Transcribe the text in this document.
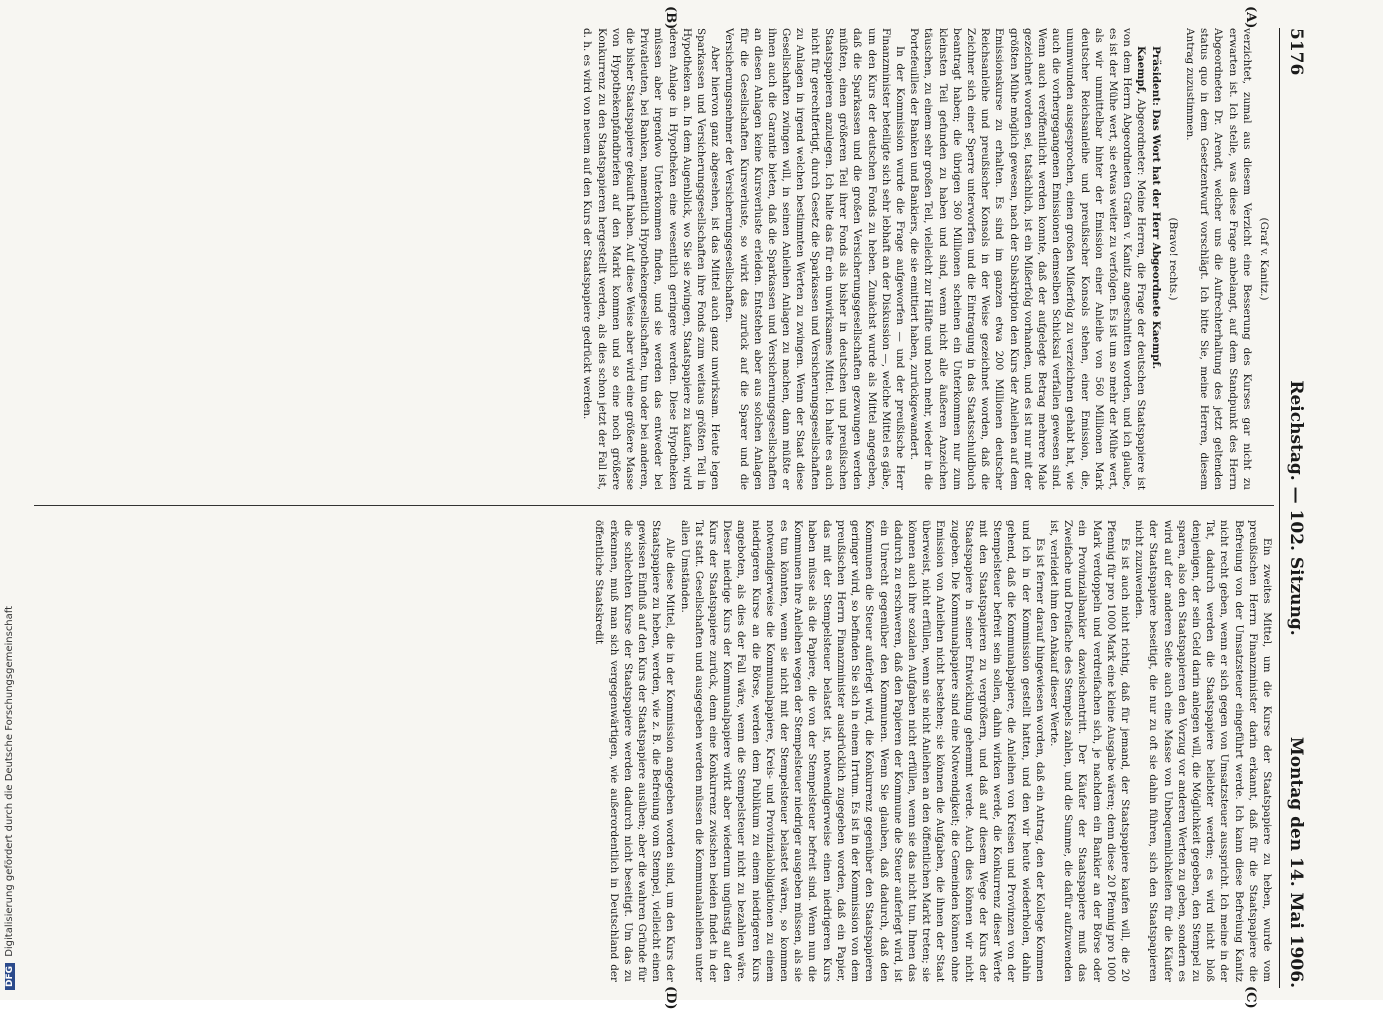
5176
Reichstag. — 102. Sitzung.
Montag den 14. Mai 1906.
(A)
(B)
(C)
(D)

(Graf v. Kanitz.)

verzichtet, zumal aus diesem Verzicht eine Besserung des Kurses gar nicht zu erwarten ist. Ich stelle, was diese Frage anbelangt, auf dem Standpunkt des Herrn Abgeordneten Dr. Arendt, welcher uns die Aufrechterhaltung des jetzt geltenden status quo in dem Gesetzentwurf vorschlägt. Ich bitte Sie, meine Herren, diesem Antrag zuzustimmen.

(Bravo! rechts.)

Präsident: Das Wort hat der Herr Abgeordnete Kaempf.

Kaempf, Abgeordneter: Meine Herren, die Frage der deutschen Staatspapiere ist von dem Herrn Abgeordneten Grafen v. Kanitz angeschnitten worden, und ich glaube, es ist der Mühe wert, sie etwas weiter zu verfolgen. Es ist um so mehr der Mühe wert, als wir unmittelbar hinter der Emission einer Anleihe von 560 Millionen Mark deutscher Reichsanleihe und preußischer Konsols stehen, einer Emission, die, unumwunden ausgesprochen, einen großen Mißerfolg zu verzeichnen gehabt hat, wie auch die vorhergegangenen Emissionen demselben Schicksal verfallen gewesen sind. Wenn auch veröffentlicht werden konnte, daß der aufgelegte Betrag mehrere Male gezeichnet worden sei, tatsächlich, ist ein Mißerfolg vorhanden, und es ist nur mit der größten Mühe möglich gewesen, nach der Subskription den Kurs der Anleihen auf dem Emissionskurse zu erhalten. Es sind im ganzen etwa 200 Millionen deutscher Reichsanleihe und preußischer Konsols in der Weise gezeichnet worden, daß die Zeichner sich einer Sperre unterworfen und die Eintragung in das Staatsschuldbuch beantragt haben; die übrigen 360 Millionen scheinen ein Unterkommen nur zum kleinsten Teil gefunden zu haben und sind, wenn nicht alle äußeren Anzeichen täuschen, zu einem sehr großen Teil, vielleicht zur Hälfte und noch mehr, wieder in die Portefeuilles der Banken und Bankiers, die sie emittiert haben, zurückgewandert.

In der Kommission wurde die Frage aufgeworfen — und der preußische Herr Finanzminister beteiligte sich sehr lebhaft an der Diskussion —, welche Mittel es gäbe, um den Kurs der deutschen Fonds zu heben. Zunächst wurde als Mittel angegeben, daß die Sparkassen und die großen Versicherungsgesellschaften gezwungen werden müßten, einen größeren Teil ihrer Fonds als bisher in deutschen und preußischen Staatspapieren anzulegen. Ich halte das für ein unwirksames Mittel. Ich halte es auch nicht für gerechtfertigt, durch Gesetz die Sparkassen und Versicherungsgesellschaften zu Anlagen in irgend welchen bestimmten Werten zu zwingen. Wenn der Staat diese Gesellschaften zwingen will, in seinen Anleihen Anlagen zu machen, dann müßte er ihnen auch die Garantie bieten, daß die Sparkassen und Versicherungsgesellschaften an diesen Anlagen keine Kursverluste erleiden. Entstehen aber aus solchen Anlagen für die Gesellschaften Kursverluste, so wirkt das zurück auf die Sparer und die Versicherungsnehmer der Versicherungsgesellschaften.

Aber hiervon ganz abgesehen, ist das Mittel auch ganz unwirksam. Heute legen Sparkassen und Versicherungsgesellschaften ihre Fonds zum weitaus größten Teil in Hypotheken an. In dem Augenblick, wo Sie sie zwingen, Staatspapiere zu kaufen, wird deren Anlage in Hypotheken eine wesentlich geringere werden. Diese Hypotheken müssen aber irgendwo Unterkommen finden, und sie werden das entweder bei Privatleuten, bei Banken, namentlich Hypothekengesellschaften, tun oder bei anderen, die bisher Staatspapiere gekauft haben. Auf diese Weise aber wird eine größere Masse von Hypothekenpfandbriefen auf den Markt kommen und so eine noch größere Konkurrenz zu den Staatspapieren hergestellt werden, als dies schon jetzt der Fall ist, d. h. es wird von neuem auf den Kurs der Staatspapiere gedrückt werden.

Ein zweites Mittel, um die Kurse der Staatspapiere zu heben, wurde vom preußischen Herrn Finanzminister darin erkannt, daß für die Staatspapiere die Befreiung von der Umsatzsteuer eingeführt werde. Ich kann diese Befreiung Kanitz nicht recht geben, wenn er sich gegen von Umsatzsteuer ausspricht. Ich meine in der Tat, dadurch werden die Staatspapiere beliebter werden; es wird nicht bloß denjenigen, der sein Geld darin anlegen will, die Möglichkeit gegeben, den Stempel zu sparen, also den Staatspapieren den Vorzug vor anderen Werten zu geben, sondern es wird auf der anderen Seite auch eine Masse von Unbequemlichkeiten für die Käufer der Staatspapiere beseitigt, die nur zu oft sie dahin führen, sich den Staatspapieren nicht zuzuwenden.

Es ist auch nicht richtig, daß für jemand, der Staatspapiere kaufen will, die 20 Pfennig für pro 1000 Mark eine kleine Ausgabe wären; denn diese 20 Pfennig pro 1000 Mark verdoppeln und verdreifachen sich, je nachdem ein Bankier an der Börse oder ein Provinzialbankier dazwischentritt. Der Käufer der Staatspapiere muß das Zweifache und Dreifache des Stempels zahlen, und die Summe, die dafür aufzuwenden ist, verleidet ihm den Ankauf dieser Werte.

Es ist ferner darauf hingewiesen worden, daß ein Antrag, den der Kollege Kommen und ich in der Kommission gestellt hatten, und den wir heute wiederholen, dahin gehend, daß die Kommunalpapiere, die Anleihen von Kreisen und Provinzen von der Stempelsteuer befreit sein sollen, dahin wirken werde, die Konkurrenz dieser Werte mit den Staatspapieren zu vergrößern, und daß auf diesem Wege der Kurs der Staatspapiere in seiner Entwicklung gehemmt werde. Auch dies können wir nicht zugeben. Die Kommunalpapiere sind eine Notwendigkeit; die Gemeinden können ohne Emission von Anleihen nicht bestehen; sie können die Aufgaben, die ihnen der Staat überweist, nicht erfüllen, wenn sie nicht Anleihen an den öffentlichen Markt treten; sie können auch ihre sozialen Aufgaben nicht erfüllen, wenn sie das nicht tun. Ihnen das dadurch zu erschweren, daß den Papieren der Kommune die Steuer auferlegt wird, ist ein Unrecht gegenüber den Kommunen. Wenn Sie glauben, daß dadurch, daß den Kommunen die Steuer auferlegt wird, die Konkurrenz gegenüber den Staatspapieren geringer wird, so befinden Sie sich in einem Irrtum. Es ist in der Kommission von dem preußischen Herrn Finanzminister ausdrücklich zugegeben worden, daß ein Papier, das mit der Stempelsteuer belastet ist, notwendigerweise einen niedrigeren Kurs haben müsse als die Papiere, die von der Stempelsteuer befreit sind. Wenn nun die Kommunen ihre Anleihen wegen der Stempelsteuer niedriger ausgeben müssen, als sie es tun könnten, wenn sie nicht mit der Stempelsteuer belastet wären, so kommen notwendigerweise die Kommunalpapiere, Kreis- und Provinzialobligationen zu einem niedrigeren Kurse an die Börse, werden dem Publikum zu einem niedrigeren Kurs angeboten, als dies der Fall wäre, wenn die Stempelsteuer nicht zu bezahlen wäre. Dieser niedrige Kurs der Kommunalpapiere wirkt aber wiederum ungünstig auf den Kurs der Staatspapiere zurück, denn eine Konkurrenz zwischen beiden findet in der Tat statt. Gesellschaften und ausgegeben werden müssen die Kommunalanleihen unter allen Umständen.

Alle diese Mittel, die in der Kommission angegeben worden sind, um den Kurs der Staatspapiere zu heben, werden, wie z. B. die Befreiung vom Stempel, vielleicht einen gewissen Einfluß auf den Kurs der Staatspapiere ausüben; aber die wahren Gründe für die schlechten Kurse der Staatspapiere werden dadurch nicht beseitigt. Um das zu erkennen, muß man sich vergegenwärtigen, wie außerordentlich in Deutschland der öffentliche Staatskredit

DFG Digitalisierung gefördert durch die Deutsche Forschungsgemeinschaft
